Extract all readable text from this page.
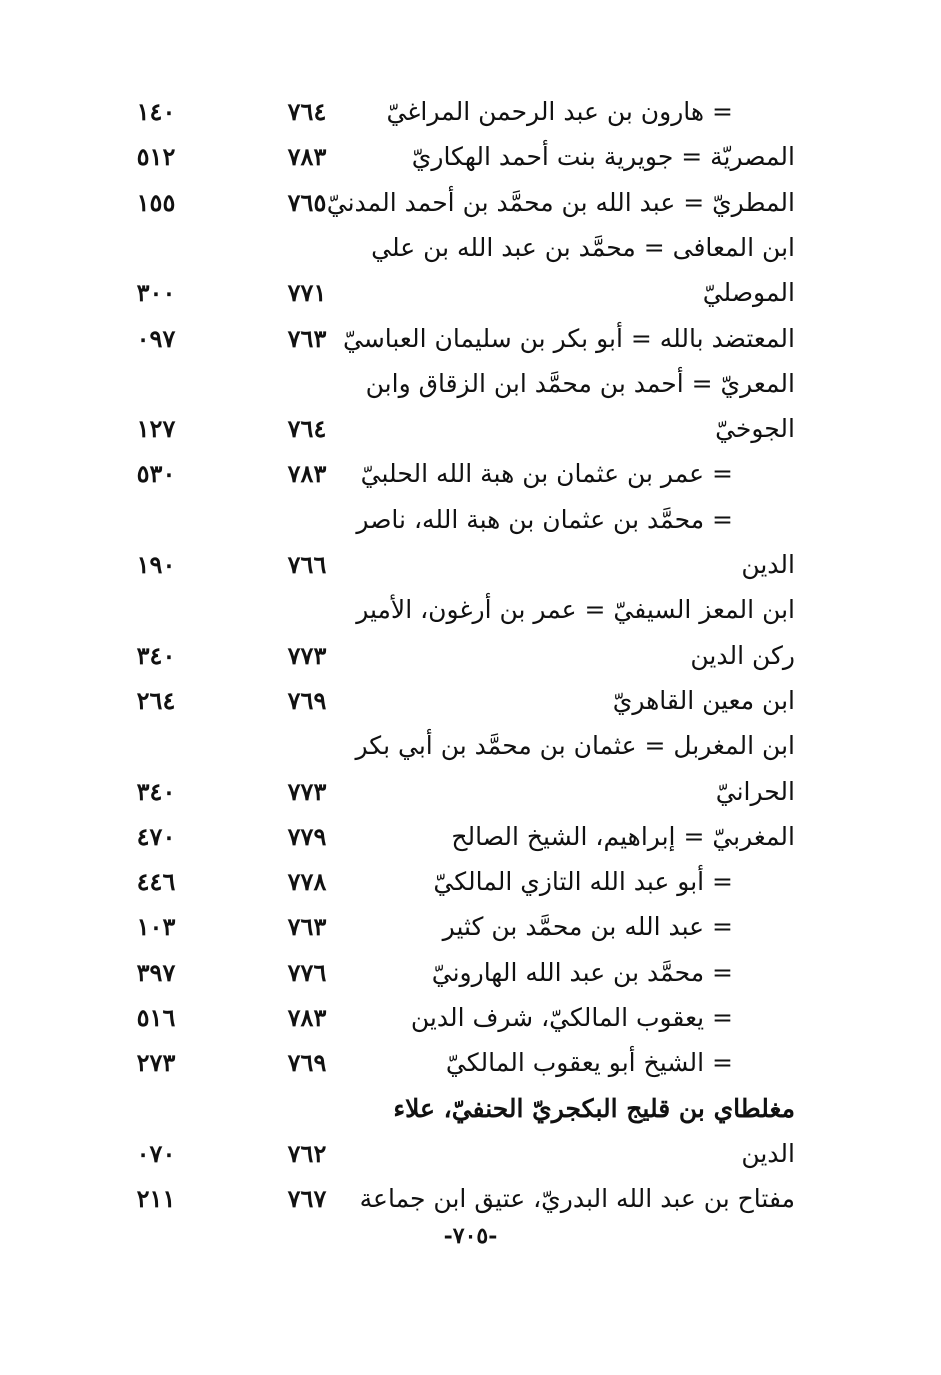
= هارون بن عبد الرحمن المراغيّ
٧٦٤
١٤٠
المصريّة = جويرية بنت أحمد الهكاريّ
٧٨٣
٥١٢
المطريّ = عبد الله بن محمَّد بن أحمد المدنيّ
٧٦٥
١٥٥
ابن المعافى = محمَّد بن عبد الله بن علي
الموصليّ
٧٧١
٣٠٠
المعتضد بالله = أبو بكر بن سليمان العباسيّ
٧٦٣
٠٩٧
المعريّ = أحمد بن محمَّد ابن الزقاق وابن
الجوخيّ
٧٦٤
١٢٧
= عمر بن عثمان بن هبة الله الحلبيّ
٧٨٣
٥٣٠
= محمَّد بن عثمان بن هبة الله، ناصر
الدين
٧٦٦
١٩٠
ابن المعز السيفيّ = عمر بن أرغون، الأمير
ركن الدين
٧٧٣
٣٤٠
ابن معين القاهريّ
٧٦٩
٢٦٤
ابن المغربل = عثمان بن محمَّد بن أبي بكر
الحرانيّ
٧٧٣
٣٤٠
المغربيّ = إبراهيم، الشيخ الصالح
٧٧٩
٤٧٠
= أبو عبد الله التازي المالكيّ
٧٧٨
٤٤٦
= عبد الله بن محمَّد بن كثير
٧٦٣
١٠٣
= محمَّد بن عبد الله الهارونيّ
٧٧٦
٣٩٧
= يعقوب المالكيّ، شرف الدين
٧٨٣
٥١٦
= الشيخ أبو يعقوب المالكيّ
٧٦٩
٢٧٣
مغلطاي بن قليج البكجريّ الحنفيّ، علاء
الدين
٧٦٢
٠٧٠
مفتاح بن عبد الله البدريّ، عتيق ابن جماعة
٧٦٧
٢١١
-٧٠٥-
